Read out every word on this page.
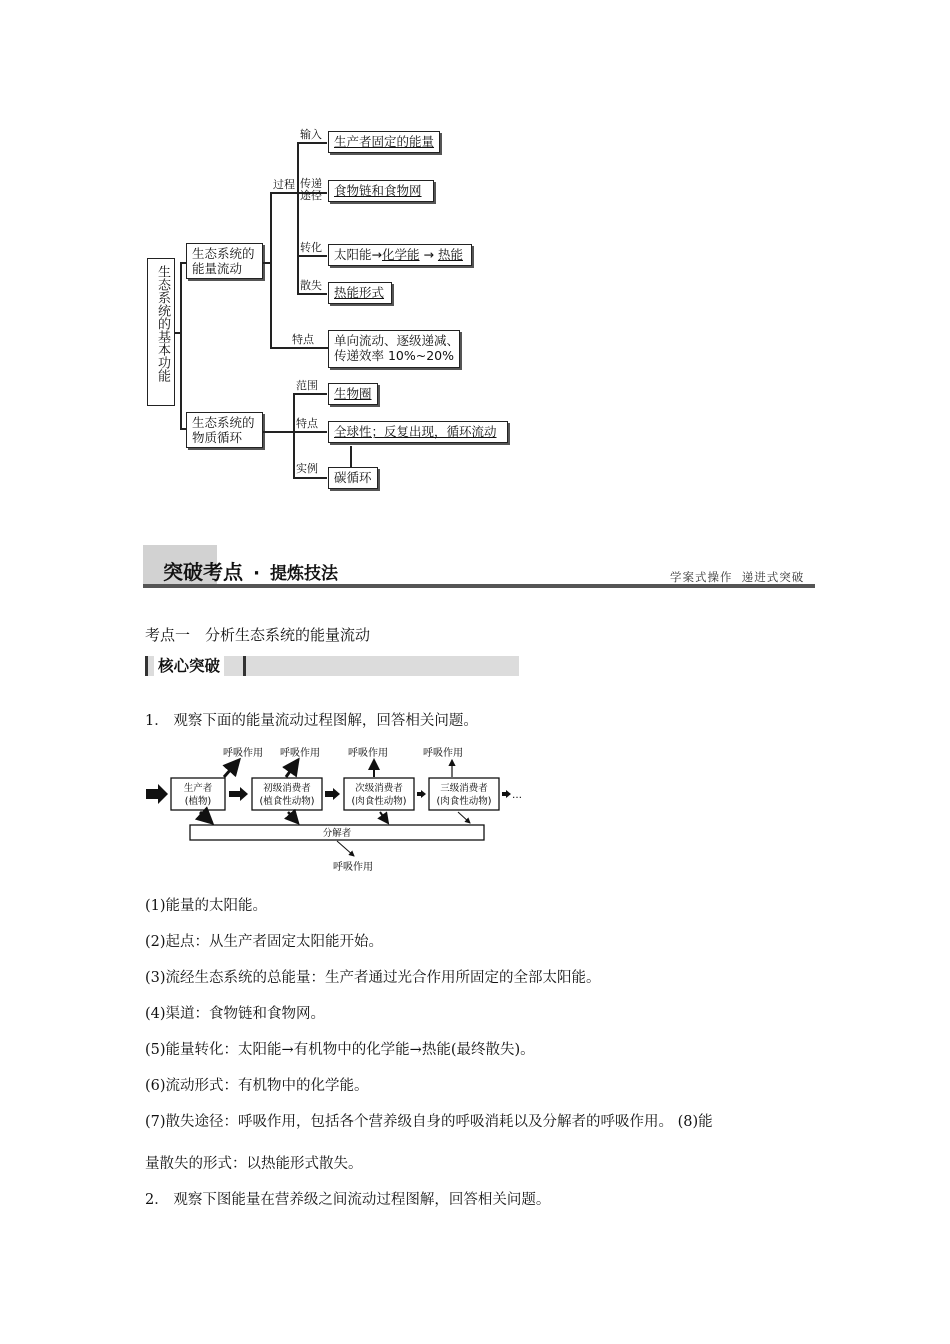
生态系统的基本功能
生态系统的能量流动
生态系统的物质循环
过程
特点
输入
传递途径
转化
散失
生产者固定的能量
食物链和食物网
太阳能→化学能 → 热能
热能形式
单向流动、逐级递减、
传递效率 10%~20%
范围
特点
实例
生物圈
全球性；反复出现，循环流动
碳循环
突破考点 · 提炼技法	学案式操作  递进式突破
考点一　分析生态系统的能量流动
核心突破
1． 观察下面的能量流动过程图解，回答相关问题。
生产者
(植物)
初级消费者
(植食性动物)
次级消费者
(肉食性动物)
三级消费者
(肉食性动物)
分解者
…
呼吸作用 呼吸作用	呼吸作用	呼吸作用
呼吸作用
(1)能量的太阳能。
(2)起点：从生产者固定太阳能开始。
(3)流经生态系统的总能量：生产者通过光合作用所固定的全部太阳能。
(4)渠道：食物链和食物网。
(5)能量转化：太阳能→有机物中的化学能→热能(最终散失)。
(6)流动形式：有机物中的化学能。
(7)散失途径：呼吸作用，包括各个营养级自身的呼吸消耗以及分解者的呼吸作用。 (8)能
量散失的形式：以热能形式散失。
2． 观察下图能量在营养级之间流动过程图解，回答相关问题。
